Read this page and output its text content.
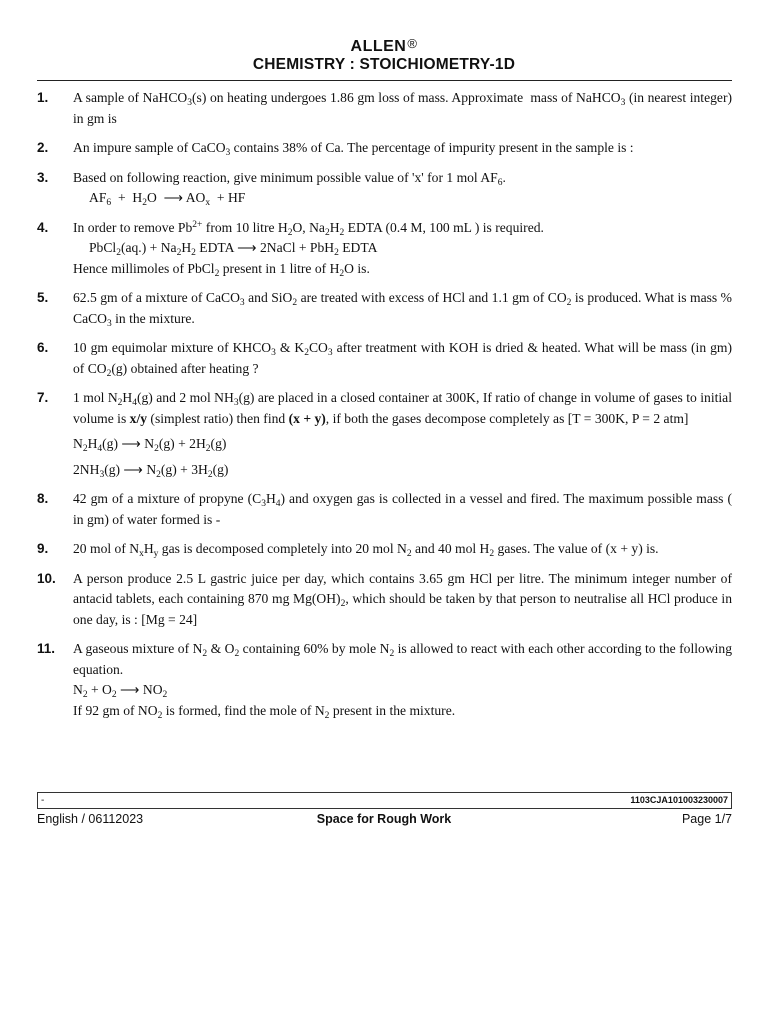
ALLEN®
CHEMISTRY : STOICHIOMETRY-1D
1.	A sample of NaHCO$_3$(s) on heating undergoes 1.86 gm loss of mass. Approximate  mass of NaHCO$_3$ (in nearest integer) in gm is
2.	An impure sample of CaCO$_3$ contains 38% of Ca. The percentage of impurity present in the sample is :
3.	Based on following reaction, give minimum possible value of 'x' for 1 mol $AF_6$.
$AF_6 + H_2O$  ⟶ $AO_x$  + HF
4.	In order to remove $Pb^{2+}$ from 10 litre $H_2O$, $Na_2H_2$ EDTA (0.4 M, 100 mL ) is required.
PbCl$_2$(aq.) + $Na_2H_2$ EDTA ⟶ 2NaCl + PbH$_2$ EDTA
Hence millimoles of PbCl$_2$ present in 1 litre of $H_2O$ is.
5.	62.5 gm of a mixture of CaCO$_3$ and SiO$_2$ are treated with excess of HCl and 1.1 gm of $CO_2$ is produced. What is mass % CaCO$_3$ in the mixture.
6.	10 gm equimolar mixture of $KHCO_3$ & $K_2CO_3$ after treatment with KOH is dried & heated. What will be mass (in gm) of $CO_2(g)$ obtained after heating ?
7.	1 mol $N_2H_4(g)$ and 2 mol $NH_3(g)$ are placed in a closed container at 300K, If ratio of change in volume of gases to initial volume is x/y (simplest ratio) then find (x + y), if both the gases decompose completely as [T = 300K, P = 2 atm]
$N_2H_4(g)$ ⟶ $N_2(g) + 2H_2(g)$
$2NH_3(g)$ ⟶ $N_2(g) + 3H_2(g)$
8.	42 gm of a mixture of propyne $(C_3H_4)$ and oxygen gas is collected in a vessel and fired. The maximum possible mass ( in gm) of water formed is -
9.	20 mol of $N_xH_y$ gas is decomposed completely into 20 mol $N_2$ and 40 mol $H_2$ gases. The value of (x + y) is.
10.	A person produce 2.5 L gastric juice per day, which contains 3.65 gm HCl per litre. The minimum integer number of antacid tablets, each containing 870 mg $Mg(OH)_2$, which should be taken by that person to neutralise all HCl produce in one day, is : [Mg = 24]
11.	A gaseous mixture of $N_2$ & $O_2$ containing 60% by mole $N_2$ is allowed to react with each other according to the following equation.
$N_2 + O_2$ ⟶ $NO_2$
If 92 gm of $NO_2$ is formed, find the mole of $N_2$ present in the mixture.
-	1103CJA101003230007
English / 06112023	Space for Rough Work	Page 1/7
